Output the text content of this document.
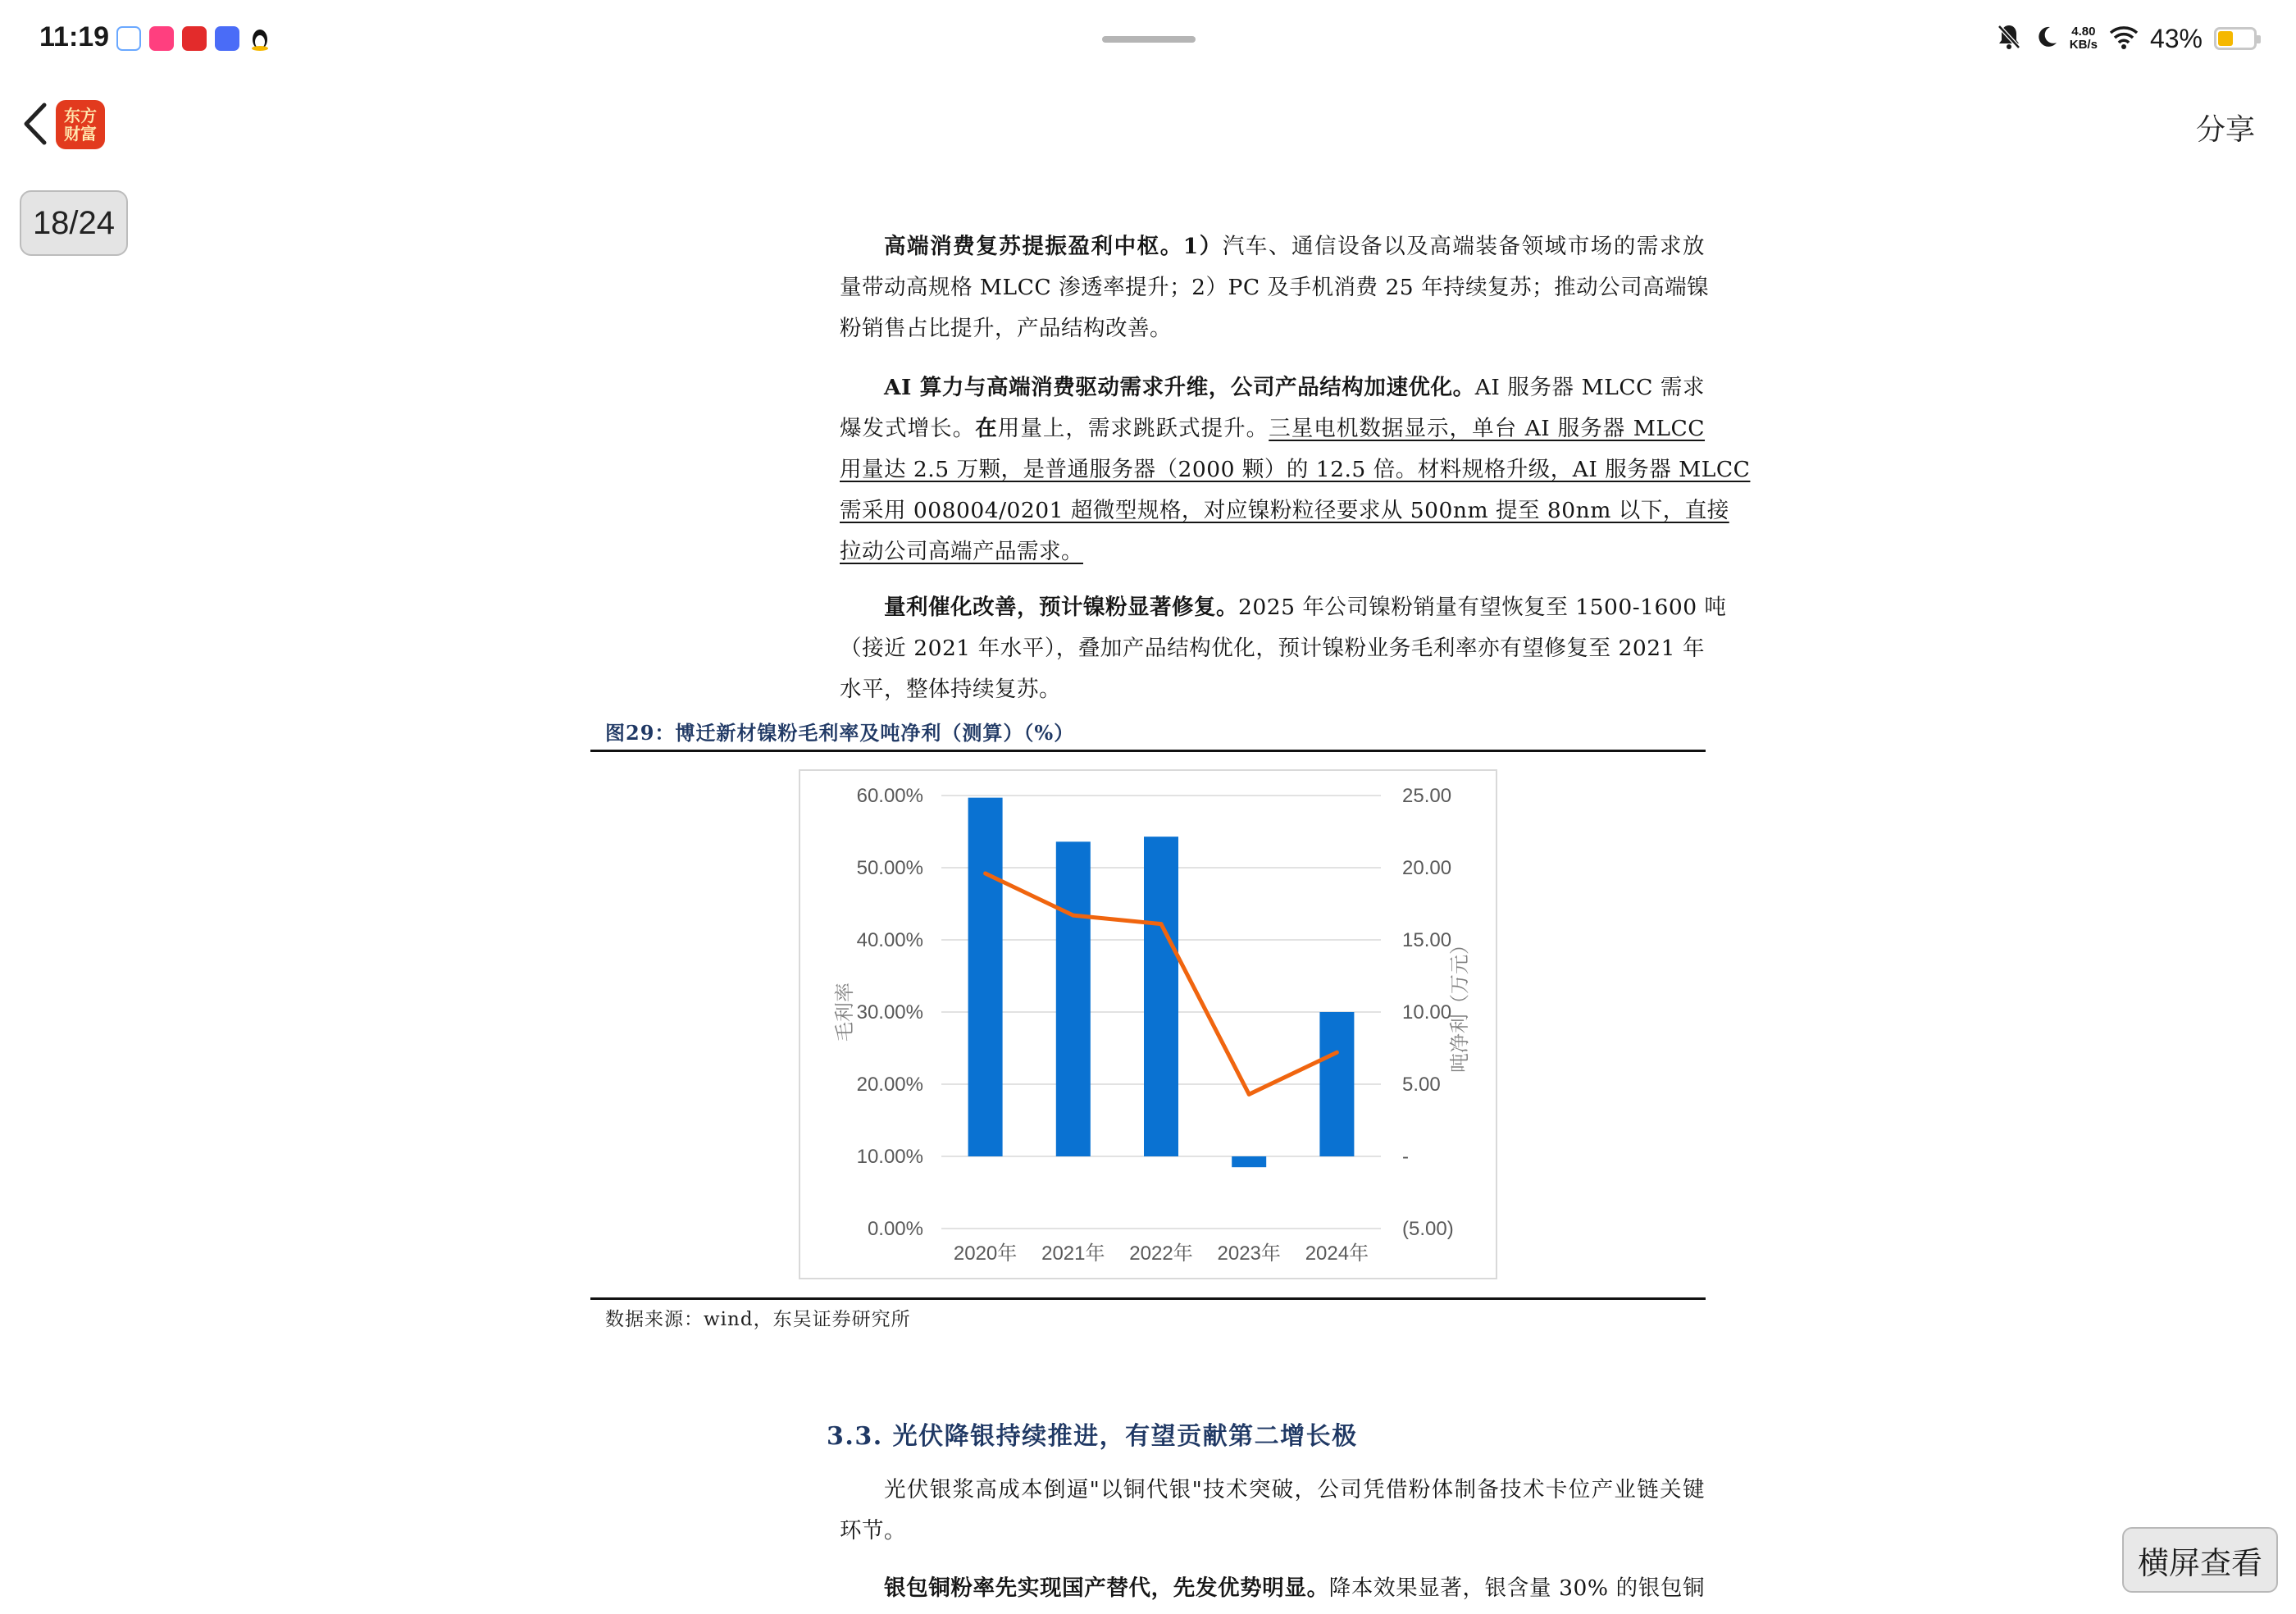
11:19	4.80
KB/s 43%
东方
财富	分享
18/24
高端消费复苏提振盈利中枢。1）汽车、通信设备以及高端装备领域市场的需求放
量带动高规格 MLCC 渗透率提升；2）PC 及手机消费 25 年持续复苏；推动公司高端镍
粉销售占比提升，产品结构改善。
AI 算力与高端消费驱动需求升维，公司产品结构加速优化。AI 服务器 MLCC 需求
爆发式增长。在用量上，需求跳跃式提升。三星电机数据显示，单台 AI 服务器 MLCC
用量达 2.5 万颗，是普通服务器（2000 颗）的 12.5 倍。材料规格升级，AI 服务器 MLCC
需采用 008004/0201 超微型规格，对应镍粉粒径要求从 500nm 提至 80nm 以下，直接
拉动公司高端产品需求。
量利催化改善，预计镍粉显著修复。2025 年公司镍粉销量有望恢复至 1500-1600 吨
（接近 2021 年水平），叠加产品结构优化，预计镍粉业务毛利率亦有望修复至 2021 年
水平，整体持续复苏。
图29：博迁新材镍粉毛利率及吨净利（测算）（%）
60.00%	25.00
50.00%	20.00
40.00%	15.00
30.00%	10.00
20.00%	5.00
10.00%	-
0.00%	(5.00)
2020年 2021年 2022年 2023年 2024年
毛利率	吨净利（万元）
数据来源：wind，东吴证券研究所
3.3. 光伏降银持续推进，有望贡献第二增长极
光伏银浆高成本倒逼"以铜代银"技术突破，公司凭借粉体制备技术卡位产业链关键
环节。
银包铜粉率先实现国产替代，先发优势明显。降本效果显著，银含量 30% 的银包铜
横屏查看
